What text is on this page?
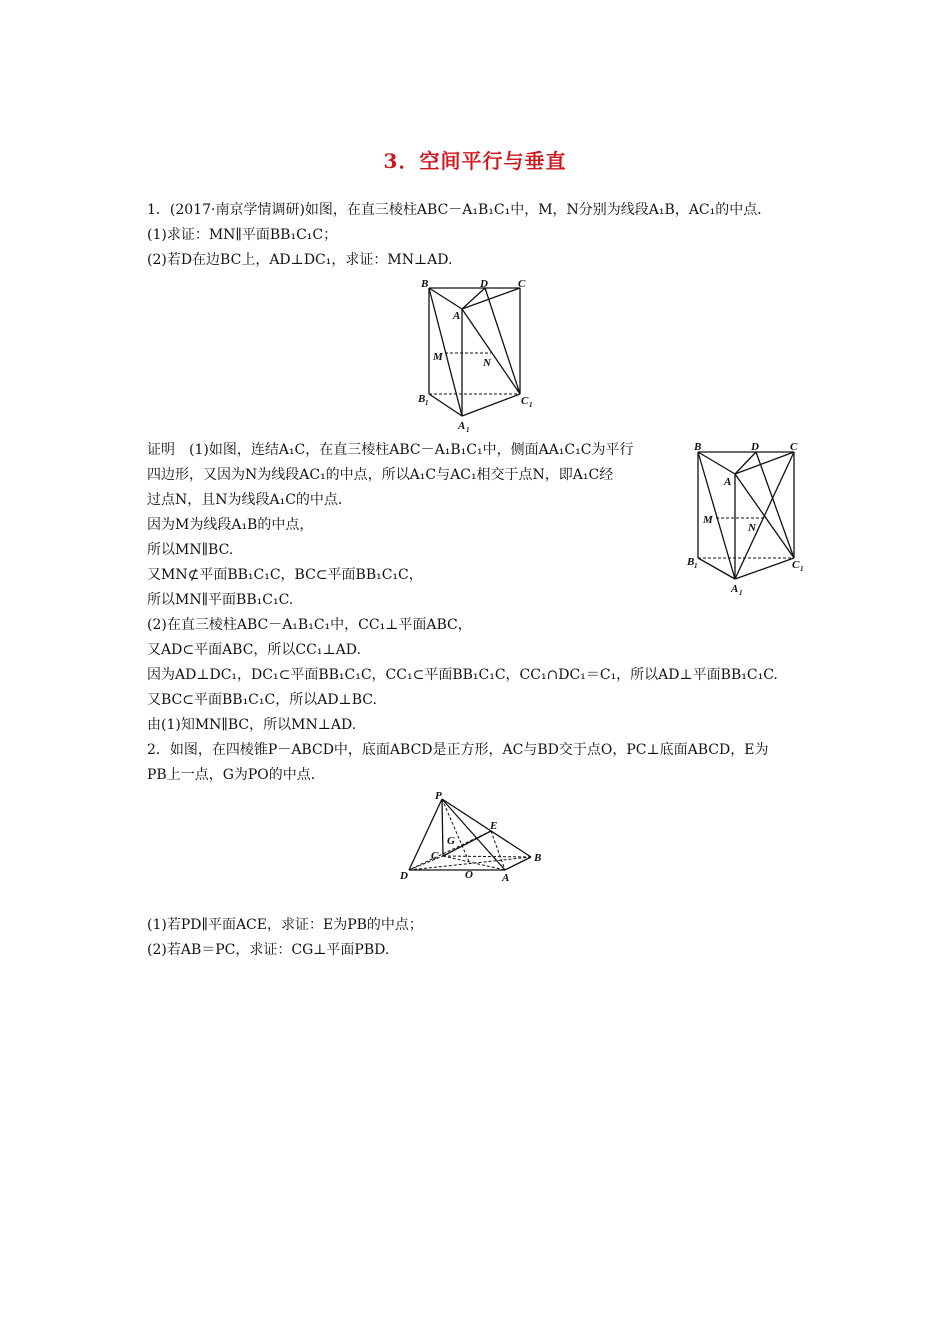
3．空间平行与垂直
1．(2017·南京学情调研)如图，在直三棱柱ABC－A₁B₁C₁中，M，N分别为线段A₁B，AC₁的中点．
(1)求证：MN∥平面BB₁C₁C；
(2)若D在边BC上，AD⊥DC₁，求证：MN⊥AD.
B	D	C
A
M	N
B 1	C 1
A 1
证明　(1)如图，连结A₁C，在直三棱柱ABC－A₁B₁C₁中，侧面AA₁C₁C为平行
四边形，又因为N为线段AC₁的中点，所以A₁C与AC₁相交于点N，即A₁C经
过点N，且N为线段A₁C的中点．
因为M为线段A₁B的中点，
所以MN∥BC.
又MN⊄平面BB₁C₁C，BC⊂平面BB₁C₁C，
所以MN∥平面BB₁C₁C.
(2)在直三棱柱ABC－A₁B₁C₁中，CC₁⊥平面ABC，
又AD⊂平面ABC，所以CC₁⊥AD.
因为AD⊥DC₁，DC₁⊂平面BB₁C₁C，CC₁⊂平面BB₁C₁C，CC₁∩DC₁＝C₁，所以AD⊥平面BB₁C₁C.
又BC⊂平面BB₁C₁C，所以AD⊥BC.
由(1)知MN∥BC，所以MN⊥AD.
B	D	C
A
M
N
B 1	C 1
A 1
2．如图，在四棱锥P－ABCD中，底面ABCD是正方形，AC与BD交于点O，PC⊥底面ABCD，E为
PB上一点，G为PO的中点．
P
E
G
C	B
O
D	A
(1)若PD∥平面ACE，求证：E为PB的中点；
(2)若AB＝PC，求证：CG⊥平面PBD.
